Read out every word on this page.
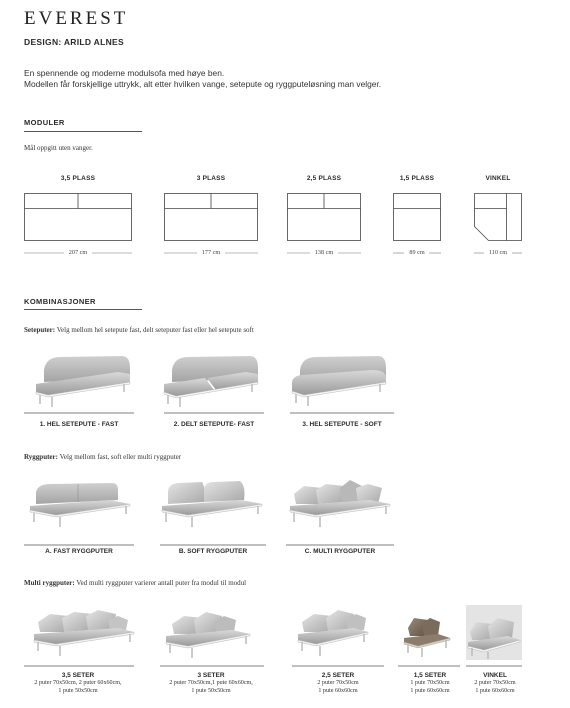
EVEREST
DESIGN: ARILD ALNES
En spennende og moderne modulsofa med høye ben.
Modellen får forskjellige uttrykk, alt etter hvilken vange, setepute og ryggputeløsning man velger.
MODULER
Mål oppgitt uten vanger.
3,5 PLASS	3 PLASS	2,5 PLASS	1,5 PLASS	VINKEL
207 cm	177 cm	138 cm	89 cm	110 cm
KOMBINASJONER
Seteputer: Velg mellom hel setepute fast, delt seteputer fast eller hel setepute soft
1. HEL SETEPUTE - FAST	2. DELT SETEPUTE- FAST	3. HEL SETEPUTE - SOFT
Ryggputer: Velg mellom fast, soft eller multi ryggputer
A. FAST RYGGPUTER	B. SOFT RYGGPUTER	C. MULTI RYGGPUTER
Multi ryggputer: Ved multi ryggputer varierer antall puter fra modul til modul
3,5 SETER
2 puter 70x50cm, 2 puter 60x60cm,
1 pute 50x50cm
3 SETER
2 puter 70x50cm,1 pute 60x60cm,
1 pute 50x50cm
2,5 SETER
2 puter 70x50cm
1 pute 60x60cm
1,5 SETER
1 pute 70x50cm
1 pute 60x60cm
VINKEL
2 puter 70x50cm
1 pute 60x60cm
